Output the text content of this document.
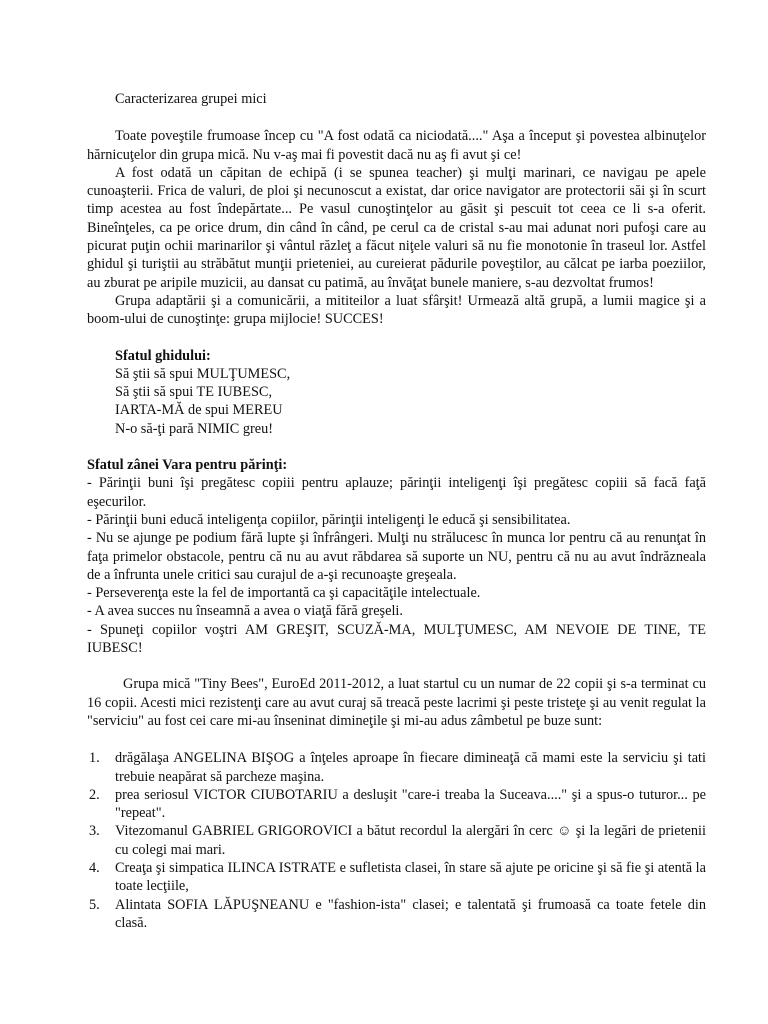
Caracterizarea grupei mici

Toate poveştile frumoase încep cu "A fost odată ca niciodată...." Aşa a început şi povestea albinuţelor hărnicuţelor din grupa mică. Nu v-aş mai fi povestit dacă nu aş fi avut şi ce!

A fost odată un căpitan de echipă (i se spunea teacher) şi mulţi marinari, ce navigau pe apele cunoaşterii. Frica de valuri, de ploi şi necunoscut a existat, dar orice navigator are protectorii săi şi în scurt timp acestea au fost îndepărtate... Pe vasul cunoştinţelor au găsit şi pescuit tot ceea ce li s-a oferit. Bineînţeles, ca pe orice drum, din când în când, pe cerul ca de cristal s-au mai adunat nori pufoşi care au picurat puţin ochii marinarilor şi vântul răzleţ a făcut niţele valuri să nu fie monotonie în traseul lor. Astfel ghidul şi turiştii au străbătut munţii prieteniei, au cureierat pădurile poveştilor, au călcat pe iarba poeziilor, au zburat pe aripile muzicii, au dansat cu patimă, au învăţat bunele maniere, s-au dezvoltat frumos!

Grupa adaptării şi a comunicării, a mititeilor a luat sfârşit! Urmează altă grupă, a lumii magice şi a boom-ului de cunoştinţe: grupa mijlocie! SUCCES!

Sfatul ghidului:
Să ştii să spui MULŢUMESC,
Să ştii să spui TE IUBESC,
IARTA-MĂ de spui MEREU
N-o să-ţi pară NIMIC greu!
Sfatul zânei Vara pentru părinţi:
- Părinţii buni îşi pregătesc copiii pentru aplauze; părinţii inteligenţi îşi pregătesc copiii să facă faţă eşecurilor.
- Părinţii buni educă inteligenţa copiilor, părinţii inteligenţi le educă şi sensibilitatea.
- Nu se ajunge pe podium fără lupte şi înfrângeri. Mulţi nu strălucesc în munca lor pentru că au renunţat în faţa primelor obstacole, pentru că nu au avut răbdarea să suporte un NU, pentru că nu au avut îndrăzneala de a înfrunta unele critici sau curajul de a-şi recunoaşte greşeala.
- Perseverenţa este la fel de importantă ca şi capacităţile intelectuale.
- A avea succes nu înseamnă a avea o viaţă fără greşeli.
- Spuneţi copiilor voştri AM GREŞIT, SCUZĂ-MA, MULŢUMESC, AM NEVOIE DE TINE, TE IUBESC!

Grupa mică "Tiny Bees", EuroEd 2011-2012, a luat startul cu un numar de 22 copii şi s-a terminat cu 16 copii. Acesti mici rezistenţi care au avut curaj să treacă peste lacrimi şi peste tristeţe şi au venit regulat la "serviciu" au fost cei care mi-au înseninat dimineţile şi mi-au adus zâmbetul pe buze sunt:

1. drăgălaşa ANGELINA BIŞOG a înţeles aproape în fiecare dimineaţă că mami este la serviciu şi tati trebuie neapărat să parcheze maşina.
2. prea seriosul VICTOR CIUBOTARIU a desluşit "care-i treaba la Suceava...." şi a spus-o tuturor... pe "repeat".
3. Vitezomanul GABRIEL GRIGOROVICI a bătut recordul la alergări în cerc ☺ şi la legări de prietenii cu colegi mai mari.
4. Creaţa şi simpatica ILINCA ISTRATE e sufletista clasei, în stare să ajute pe oricine şi să fie şi atentă la toate lecţiile,
5. Alintata SOFIA LĂPUŞNEANU e "fashion-ista" clasei; e talentată şi frumoasă ca toate fetele din clasă.
